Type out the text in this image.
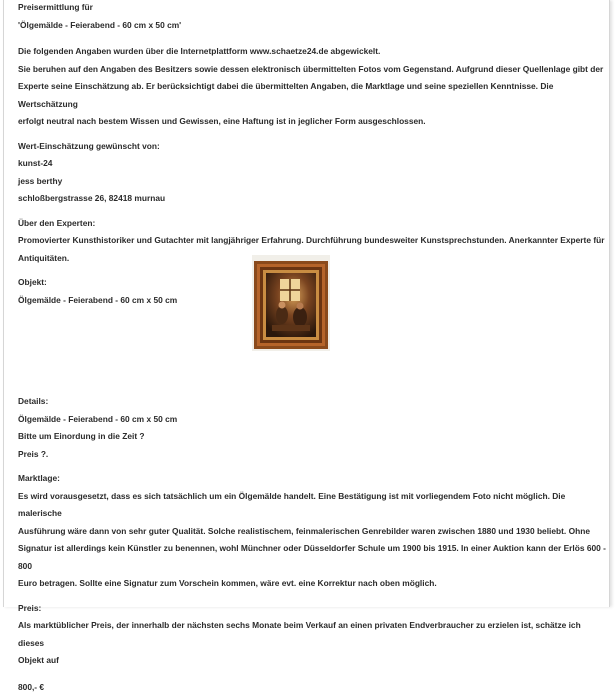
Preisermittlung für

'Ölgemälde - Feierabend - 60 cm x 50 cm'

Die folgenden Angaben wurden über die Internetplattform www.schaetze24.de abgewickelt.

Sie beruhen auf den Angaben des Besitzers sowie dessen elektronisch übermittelten Fotos vom Gegenstand. Aufgrund dieser Quellenlage gibt der

Experte seine Einschätzung ab. Er berücksichtigt dabei die übermittelten Angaben, die Marktlage und seine speziellen Kenntnisse. Die Wertschätzung

erfolgt neutral nach bestem Wissen und Gewissen, eine Haftung ist in jeglicher Form ausgeschlossen.

Wert-Einschätzung gewünscht von:

kunst-24

jess berthy

schloßbergstrasse 26, 82418 murnau

Über den Experten:

Promovierter Kunsthistoriker und Gutachter mit langjähriger Erfahrung. Durchführung bundesweiter Kunstsprechstunden. Anerkannter Experte für

Antiquitäten.

Objekt:

Ölgemälde - Feierabend - 60 cm x 50 cm

Details:

Ölgemälde - Feierabend - 60 cm x 50 cm

Bitte um Einordung in die Zeit ?

Preis ?.

Marktlage:

Es wird vorausgesetzt, dass es sich tatsächlich um ein Ölgemälde handelt. Eine Bestätigung ist mit vorliegendem Foto nicht möglich. Die malerische

Ausführung wäre dann von sehr guter Qualität. Solche realistischem, feinmalerischen Genrebilder waren zwischen 1880 und 1930 beliebt. Ohne

Signatur ist allerdings kein Künstler zu benennen, wohl Münchner oder Düsseldorfer Schule um 1900 bis 1915. In einer Auktion kann der Erlös 600 - 800

Euro betragen. Sollte eine Signatur zum Vorschein kommen, wäre evt. eine Korrektur nach oben möglich.

Preis:

Als marktüblicher Preis, der innerhalb der nächsten sechs Monate beim Verkauf an einen privaten Endverbraucher zu erzielen ist, schätze ich dieses

Objekt auf

800,- €
